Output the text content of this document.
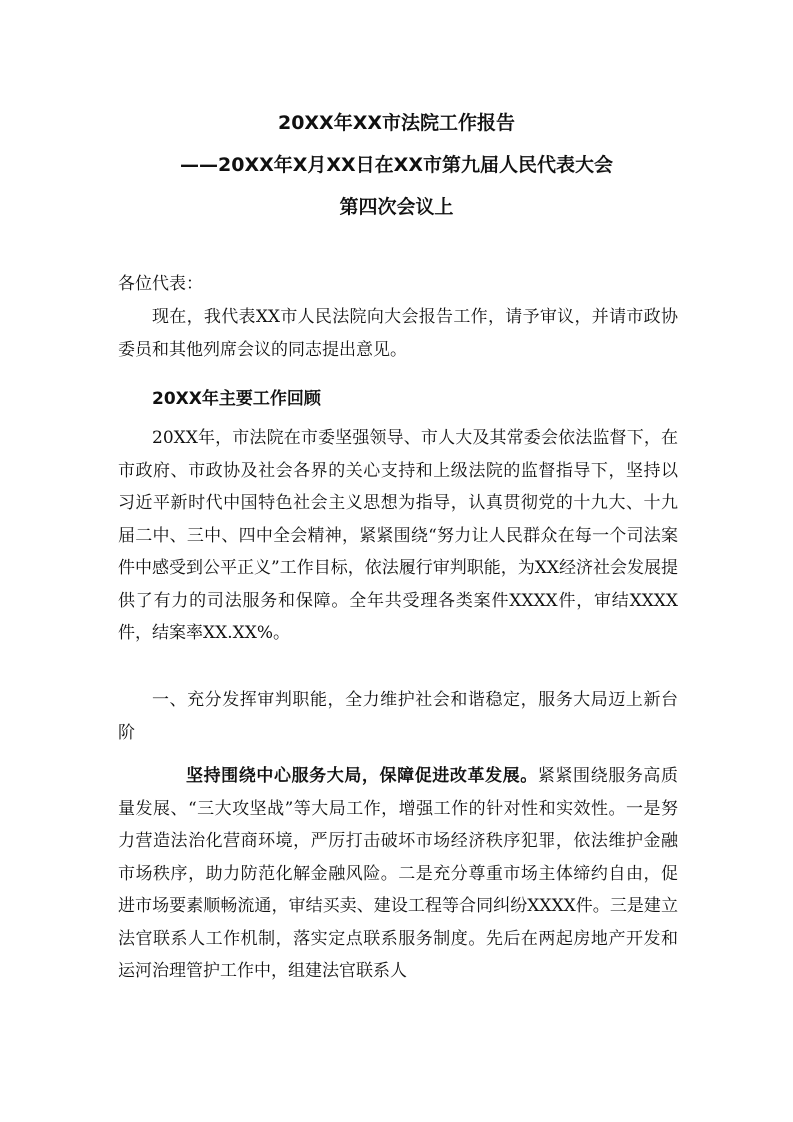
20XX年XX市法院工作报告
——20XX年X月XX日在XX市第九届人民代表大会
第四次会议上
各位代表：

现在，我代表XX市人民法院向大会报告工作，请予审议，并请市政协委员和其他列席会议的同志提出意见。

20XX年主要工作回顾

20XX年，市法院在市委坚强领导、市人大及其常委会依法监督下，在市政府、市政协及社会各界的关心支持和上级法院的监督指导下，坚持以习近平新时代中国特色社会主义思想为指导，认真贯彻党的十九大、十九届二中、三中、四中全会精神，紧紧围绕“努力让人民群众在每一个司法案件中感受到公平正义”工作目标，依法履行审判职能，为XX经济社会发展提供了有力的司法服务和保障。全年共受理各类案件XXXX件，审结XXXX件，结案率XX.XX%。

一、充分发挥审判职能，全力维护社会和谐稳定，服务大局迈上新台阶

坚持围绕中心服务大局，保障促进改革发展。紧紧围绕服务高质量发展、“三大攻坚战”等大局工作，增强工作的针对性和实效性。一是努力营造法治化营商环境，严厉打击破坏市场经济秩序犯罪，依法维护金融市场秩序，助力防范化解金融风险。二是充分尊重市场主体缔约自由，促进市场要素顺畅流通，审结买卖、建设工程等合同纠纷XXXX件。三是建立法官联系人工作机制，落实定点联系服务制度。先后在两起房地产开发和运河治理管护工作中，组建法官联系人
